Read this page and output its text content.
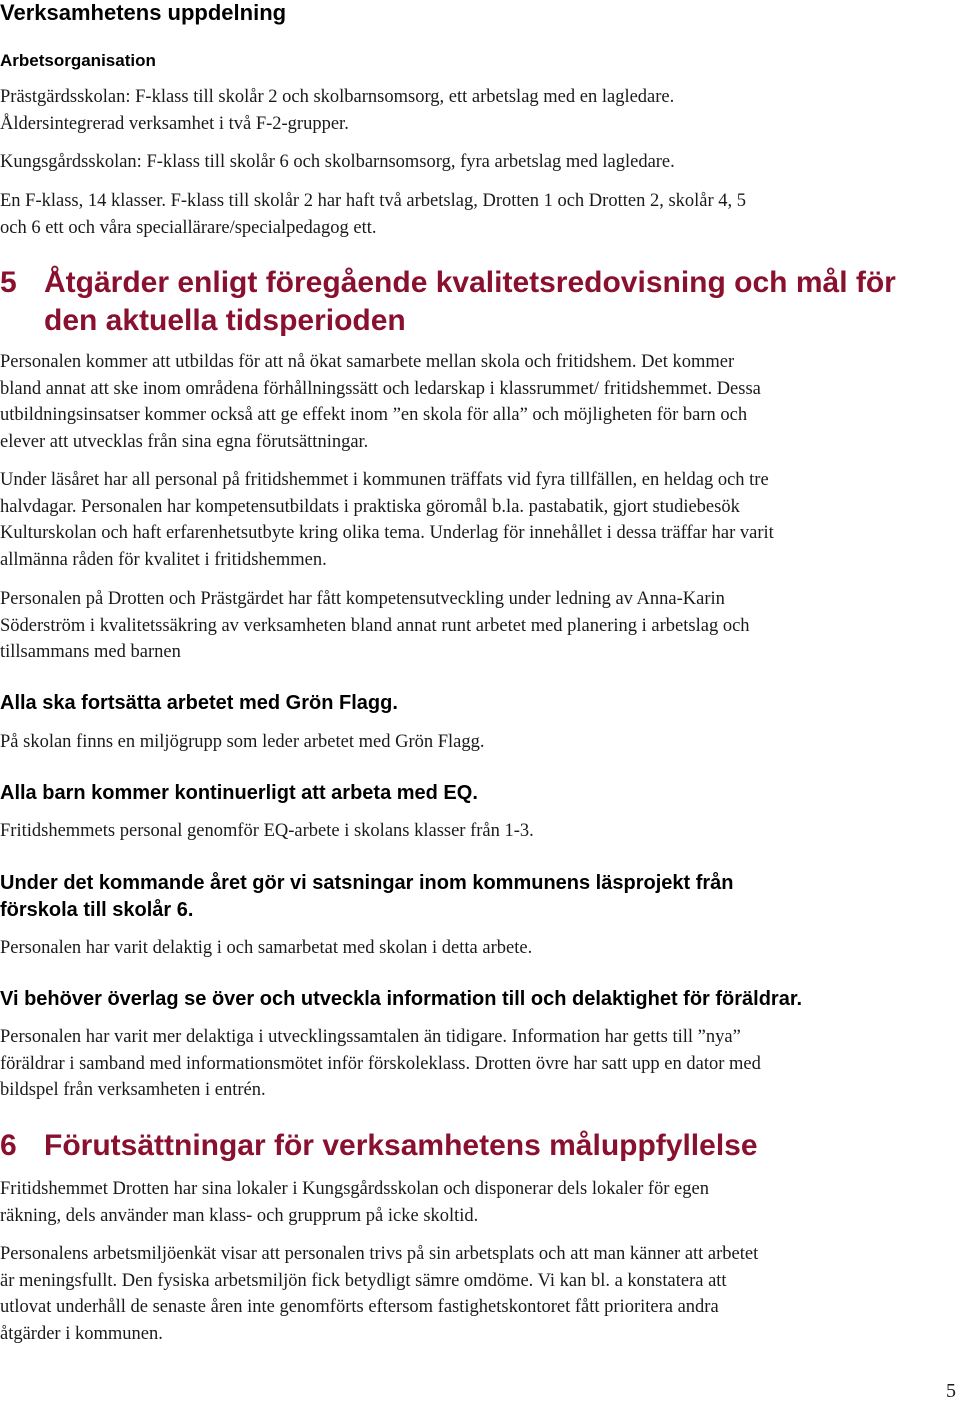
Verksamhetens uppdelning
Arbetsorganisation
Prästgärdsskolan: F-klass till skolår 2 och skolbarnsomsorg, ett arbetslag med en lagledare.
Åldersintegrerad verksamhet i två F-2-grupper.
Kungsgårdsskolan: F-klass till skolår 6 och skolbarnsomsorg, fyra arbetslag med lagledare.
En F-klass, 14 klasser. F-klass till skolår 2 har haft två arbetslag, Drotten 1 och Drotten 2, skolår 4, 5
och 6 ett och våra speciallärare/specialpedagog ett.
5 Åtgärder enligt föregående kvalitetsredovisning och mål för
den aktuella tidsperioden
Personalen kommer att utbildas för att nå ökat samarbete mellan skola och fritidshem. Det kommer
bland annat att ske inom områdena förhållningssätt och ledarskap i klassrummet/ fritidshemmet. Dessa
utbildningsinsatser kommer också att ge effekt inom ”en skola för alla” och möjligheten för barn och
elever att utvecklas från sina egna förutsättningar.
Under läsåret har all personal på fritidshemmet i kommunen träffats vid fyra tillfällen, en heldag och tre
halvdagar. Personalen har kompetensutbildats i praktiska göromål b.la. pastabatik, gjort studiebesök
Kulturskolan och haft erfarenhetsutbyte kring olika tema. Underlag för innehållet i dessa träffar har varit
allmänna råden för kvalitet i fritidshemmen.
Personalen på Drotten och Prästgärdet har fått kompetensutveckling under ledning av Anna-Karin
Söderström i kvalitetssäkring av verksamheten bland annat runt arbetet med planering i arbetslag och
tillsammans med barnen
Alla ska fortsätta arbetet med Grön Flagg.
På skolan finns en miljögrupp som leder arbetet med Grön Flagg.
Alla barn kommer kontinuerligt att arbeta med EQ.
Fritidshemmets personal genomför EQ-arbete i skolans klasser från 1-3.
Under det kommande året gör vi satsningar inom kommunens läsprojekt från
förskola till skolår 6.
Personalen har varit delaktig i och samarbetat med skolan i detta arbete.
Vi behöver överlag se över och utveckla information till och delaktighet för föräldrar.
Personalen har varit mer delaktiga i utvecklingssamtalen än tidigare. Information har getts till ”nya”
föräldrar i samband med informationsmötet inför förskoleklass. Drotten övre har satt upp en dator med
bildspel från verksamheten i entrén.
6 Förutsättningar för verksamhetens måluppfyllelse
Fritidshemmet Drotten har sina lokaler i Kungsgårdsskolan och disponerar dels lokaler för egen
räkning, dels använder man klass- och grupprum på icke skoltid.
Personalens arbetsmiljöenkät visar att personalen trivs på sin arbetsplats och att man känner att arbetet
är meningsfullt. Den fysiska arbetsmiljön fick betydligt sämre omdöme. Vi kan bl. a konstatera att
utlovat underhåll de senaste åren inte genomförts eftersom fastighetskontoret fått prioritera andra
åtgärder i kommunen.
5
